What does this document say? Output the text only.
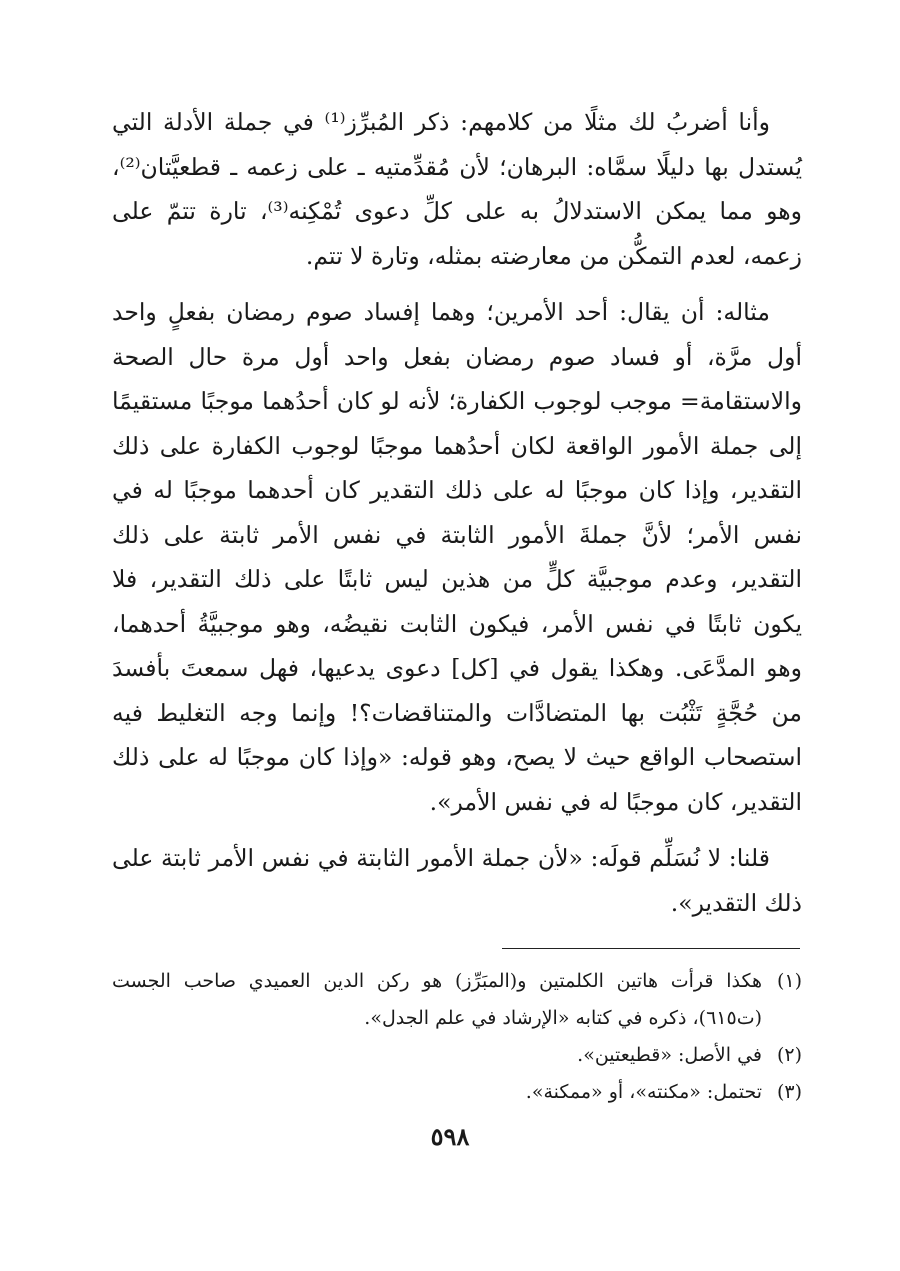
وأنا أضربُ لك مثلًا من كلامهم: ذكر المُبرِّز⁽¹⁾ في جملة الأدلة التي يُستدل بها دليلًا سمَّاه: البرهان؛ لأن مُقدِّمتيه ـ على زعمه ـ قطعيَّتان⁽²⁾، وهو مما يمكن الاستدلالُ به على كلِّ دعوى تُمْكِنه⁽³⁾، تارة تتمّ على زعمه، لعدم التمكُّن من معارضته بمثله، وتارة لا تتم.

مثاله: أن يقال: أحد الأمرين؛ وهما إفساد صوم رمضان بفعلٍ واحد أول مرَّة، أو فساد صوم رمضان بفعل واحد أول مرة حال الصحة والاستقامة= موجب لوجوب الكفارة؛ لأنه لو كان أحدُهما موجبًا مستقيمًا إلى جملة الأمور الواقعة لكان أحدُهما موجبًا لوجوب الكفارة على ذلك التقدير، وإذا كان موجبًا له على ذلك التقدير كان أحدهما موجبًا له في نفس الأمر؛ لأنَّ جملةَ الأمور الثابتة في نفس الأمر ثابتة على ذلك التقدير، وعدم موجبيَّة كلٍّ من هذين ليس ثابتًا على ذلك التقدير، فلا يكون ثابتًا في نفس الأمر، فيكون الثابت نقيضُه، وهو موجبيَّةُ أحدهما، وهو المدَّعَى. وهكذا يقول في [كل] دعوى يدعيها، فهل سمعتَ بأفسدَ من حُجَّةٍ تَثْبُت بها المتضادَّات والمتناقضات؟! وإنما وجه التغليط فيه استصحاب الواقع حيث لا يصح، وهو قوله: «وإذا كان موجبًا له على ذلك التقدير، كان موجبًا له في نفس الأمر».

قلنا: لا نُسَلِّم قولَه: «لأن جملة الأمور الثابتة في نفس الأمر ثابتة على ذلك التقدير».

(١)
هكذا قرأت هاتين الكلمتين و(المبَرِّز) هو ركن الدين العميدي صاحب الجست (ت٦١٥)، ذكره في كتابه «الإرشاد في علم الجدل».
(٢)
في الأصل: «قطيعتين».
(٣)
تحتمل: «مكنته»، أو «ممكنة».
٥٩٨
